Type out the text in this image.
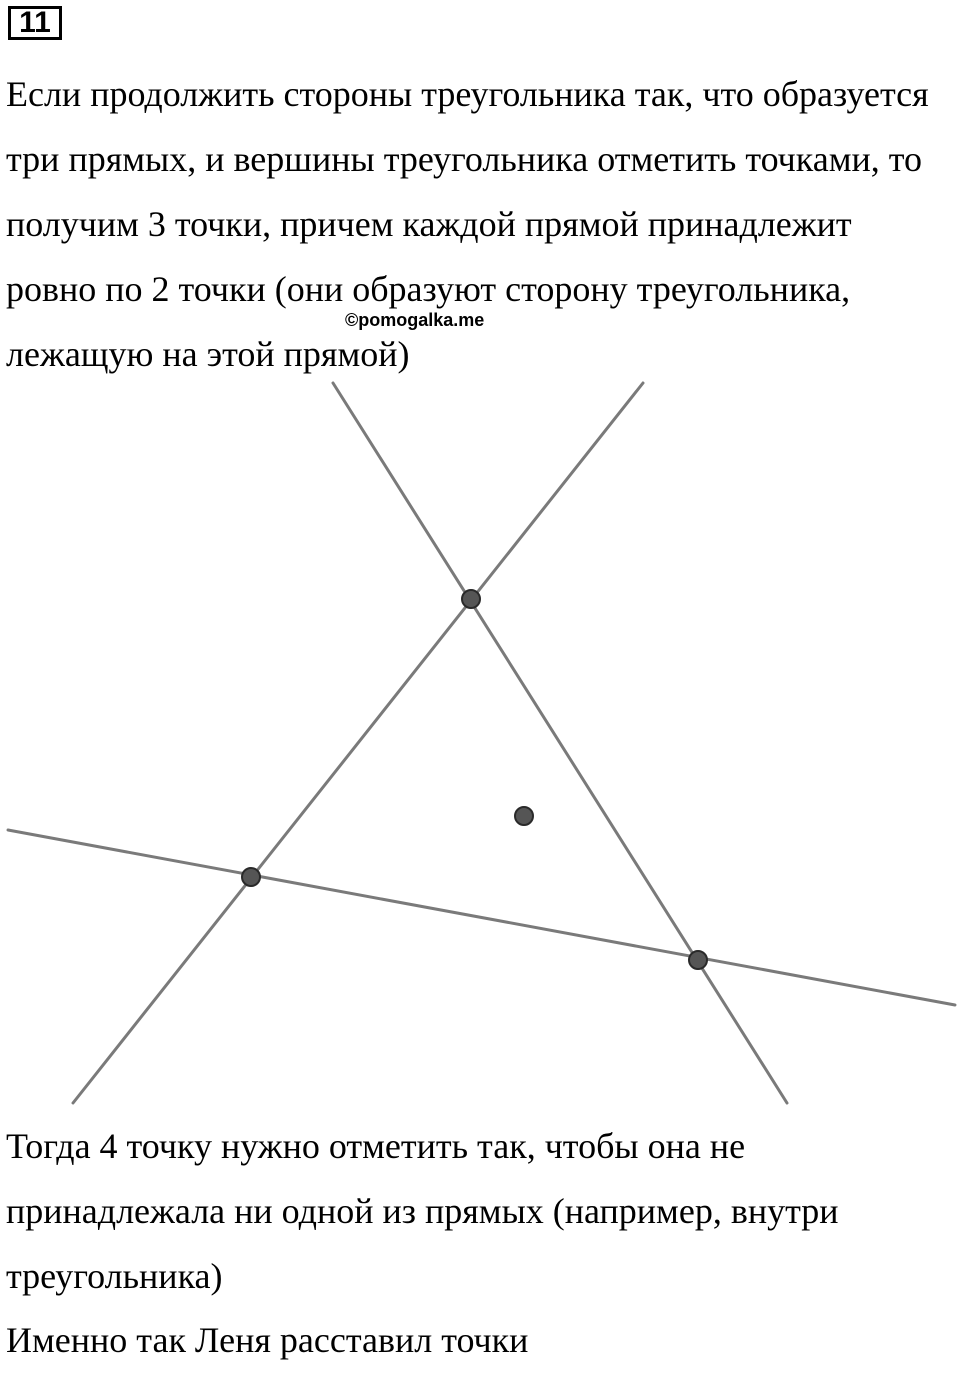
11
Если продолжить стороны треугольника так, что образуется
три прямых, и вершины треугольника отметить точками, то
получим 3 точки, причем каждой прямой принадлежит
ровно по 2 точки (они образуют сторону треугольника,
лежащую на этой прямой)
©pomogalka.me
Тогда 4 точку нужно отметить так, чтобы она не
принадлежала ни одной из прямых (например, внутри
треугольника)
Именно так Леня расставил точки
